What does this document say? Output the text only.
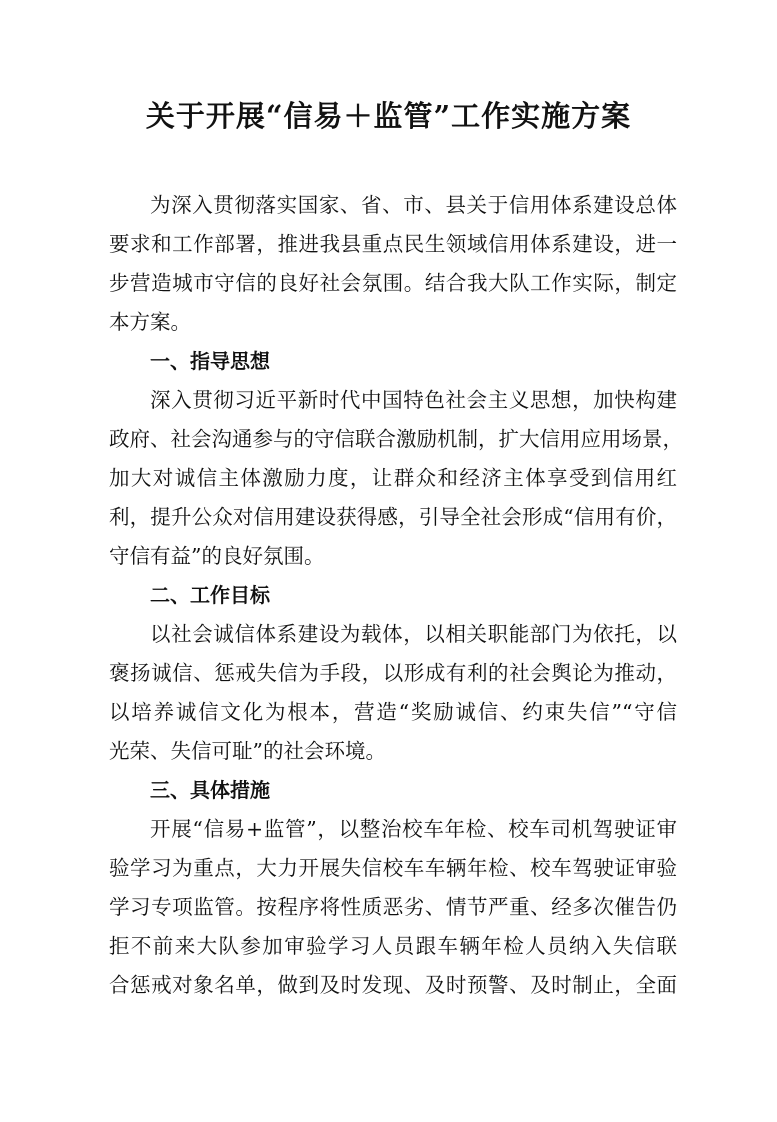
关于开展“信易＋监管”工作实施方案

为深入贯彻落实国家、省、市、县关于信用体系建设总体
要求和工作部署，推进我县重点民生领域信用体系建设，进一
步营造城市守信的良好社会氛围。结合我大队工作实际，制定
本方案。

一、指导思想

深入贯彻习近平新时代中国特色社会主义思想，加快构建
政府、社会沟通参与的守信联合激励机制，扩大信用应用场景，
加大对诚信主体激励力度，让群众和经济主体享受到信用红
利，提升公众对信用建设获得感，引导全社会形成“信用有价，
守信有益”的良好氛围。

二、工作目标

以社会诚信体系建设为载体，以相关职能部门为依托，以
褒扬诚信、惩戒失信为手段，以形成有利的社会舆论为推动，
以培养诚信文化为根本，营造“奖励诚信、约束失信”“守信
光荣、失信可耻”的社会环境。

三、具体措施

开展“信易+监管”，以整治校车年检、校车司机驾驶证审
验学习为重点，大力开展失信校车车辆年检、校车驾驶证审验
学习专项监管。按程序将性质恶劣、情节严重、经多次催告仍
拒不前来大队参加审验学习人员跟车辆年检人员纳入失信联
合惩戒对象名单，做到及时发现、及时预警、及时制止，全面
